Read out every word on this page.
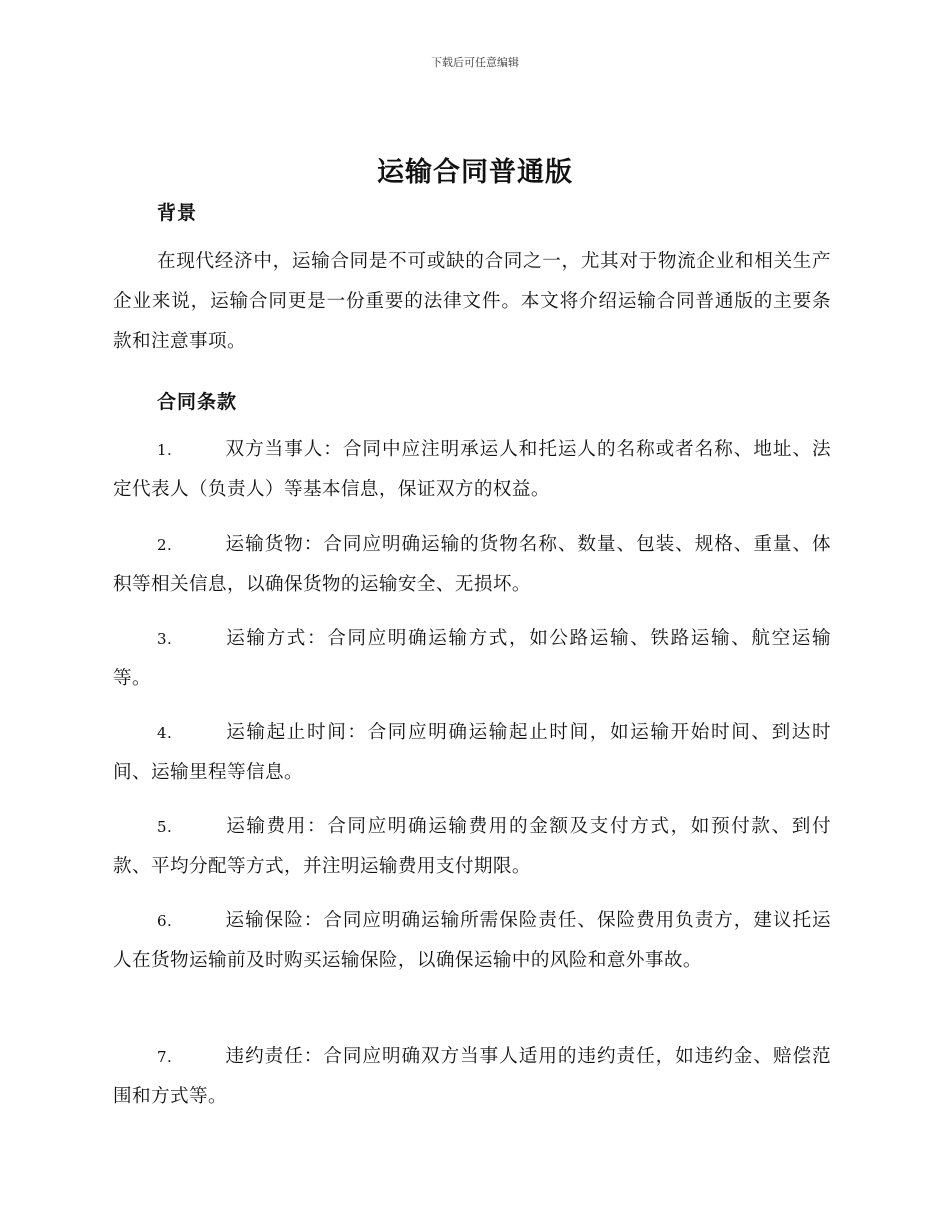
下载后可任意编辑
运输合同普通版
背景

在现代经济中，运输合同是不可或缺的合同之一，尤其对于物流企业和相关生产企业来说，运输合同更是一份重要的法律文件。本文将介绍运输合同普通版的主要条款和注意事项。

合同条款
1.	双方当事人：合同中应注明承运人和托运人的名称或者名称、地址、法定代表人（负责人）等基本信息，保证双方的权益。
2.	运输货物：合同应明确运输的货物名称、数量、包装、规格、重量、体积等相关信息，以确保货物的运输安全、无损坏。
3.	运输方式：合同应明确运输方式，如公路运输、铁路运输、航空运输等。
4.	运输起止时间：合同应明确运输起止时间，如运输开始时间、到达时间、运输里程等信息。
5.	运输费用：合同应明确运输费用的金额及支付方式，如预付款、到付款、平均分配等方式，并注明运输费用支付期限。
6.	运输保险：合同应明确运输所需保险责任、保险费用负责方，建议托运人在货物运输前及时购买运输保险，以确保运输中的风险和意外事故。
7.	违约责任：合同应明确双方当事人适用的违约责任，如违约金、赔偿范围和方式等。
